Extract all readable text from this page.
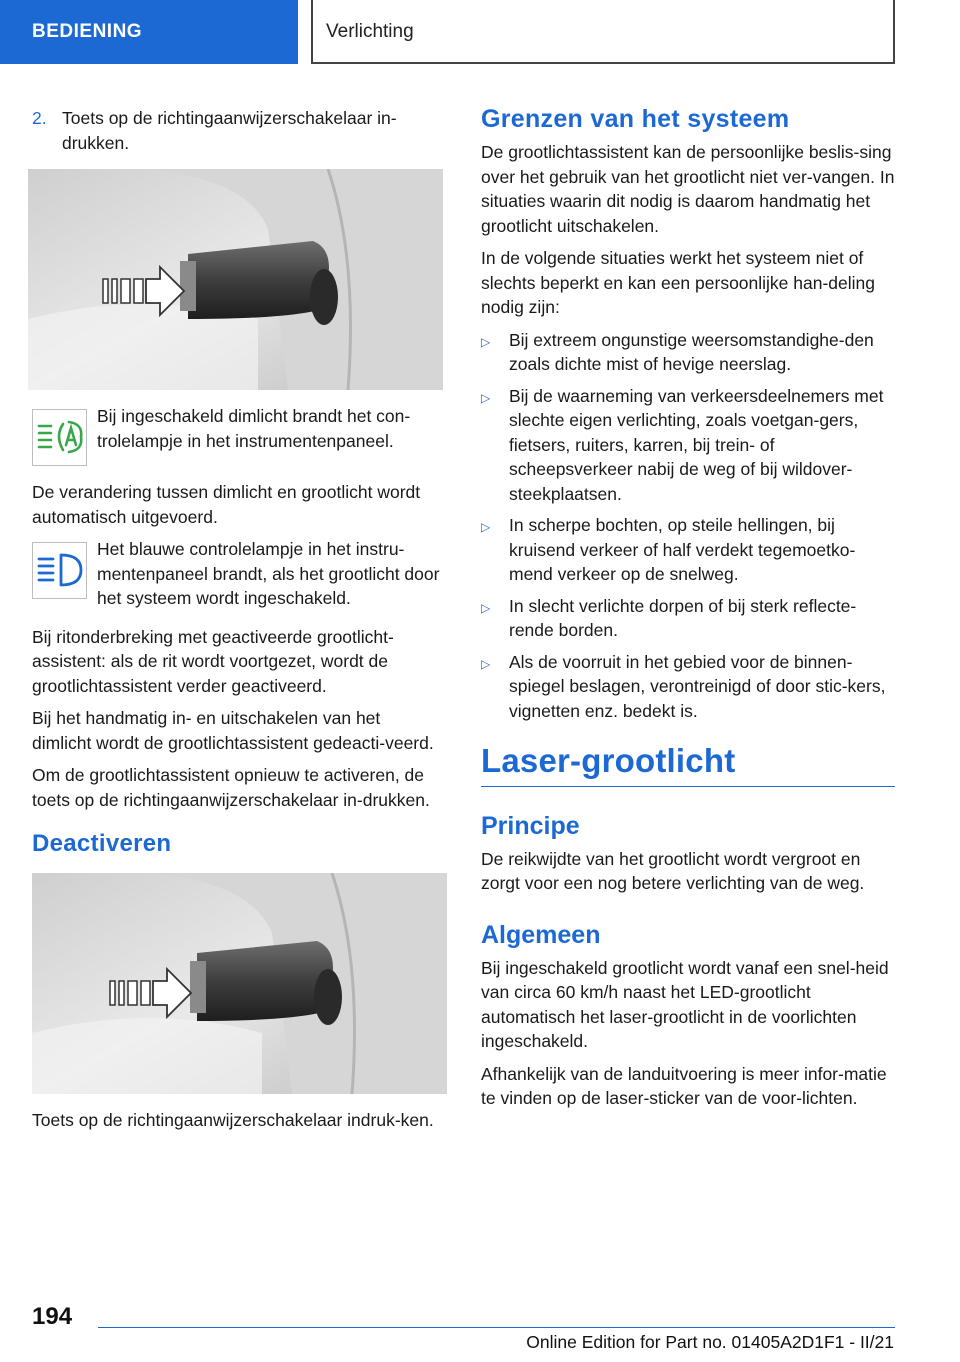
BEDIENING	Verlichting
2. Toets op de richtingaanwijzerschakelaar in-drukken.
Bij ingeschakeld dimlicht brandt het con-trolelampje in het instrumentenpaneel.

De verandering tussen dimlicht en grootlicht wordt automatisch uitgevoerd.

Het blauwe controlelampje in het instru-mentenpaneel brandt, als het grootlicht door het systeem wordt ingeschakeld.

Bij ritonderbreking met geactiveerde grootlicht-assistent: als de rit wordt voortgezet, wordt de grootlichtassistent verder geactiveerd.

Bij het handmatig in- en uitschakelen van het dimlicht wordt de grootlichtassistent gedeacti-veerd.

Om de grootlichtassistent opnieuw te activeren, de toets op de richtingaanwijzerschakelaar in-drukken.

Deactiveren

Toets op de richtingaanwijzerschakelaar indruk-ken.

Grenzen van het systeem

De grootlichtassistent kan de persoonlijke beslis-sing over het gebruik van het grootlicht niet ver-vangen. In situaties waarin dit nodig is daarom handmatig het grootlicht uitschakelen.

In de volgende situaties werkt het systeem niet of slechts beperkt en kan een persoonlijke han-deling nodig zijn:

▷	Bij extreem ongunstige weersomstandighe-den zoals dichte mist of hevige neerslag.
▷	Bij de waarneming van verkeersdeelnemers met slechte eigen verlichting, zoals voetgan-gers, fietsers, ruiters, karren, bij trein- of scheepsverkeer nabij de weg of bij wildover-steekplaatsen.
▷	In scherpe bochten, op steile hellingen, bij kruisend verkeer of half verdekt tegemoetko-mend verkeer op de snelweg.
▷	In slecht verlichte dorpen of bij sterk reflecte-rende borden.
▷	Als de voorruit in het gebied voor de binnen-spiegel beslagen, verontreinigd of door stic-kers, vignetten enz. bedekt is.
Laser-grootlicht
Principe

De reikwijdte van het grootlicht wordt vergroot en zorgt voor een nog betere verlichting van de weg.

Algemeen

Bij ingeschakeld grootlicht wordt vanaf een snel-heid van circa 60 km/h naast het LED-grootlicht automatisch het laser-grootlicht in de voorlichten ingeschakeld.

Afhankelijk van de landuitvoering is meer infor-matie te vinden op de laser-sticker van de voor-lichten.

194
Online Edition for Part no. 01405A2D1F1 - II/21
